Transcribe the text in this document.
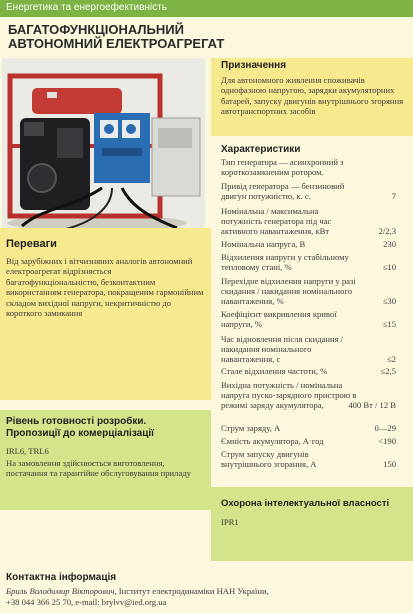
Енергетика та енергоефективність
БАГАТОФУНКЦІОНАЛЬНИЙ
АВТОНОМНИЙ ЕЛЕКТРОАГРЕГАТ
Призначення
Для автономного живлення споживачів однофазною напругою, зарядки акумуляторних батарей, запуску двигунів внутрішнього згоряння автотранспортних засобів
Характеристики
Тип генератора — асинхронний з короткозамкненим ротором.
Привід генератора — бензиновий двигун потужністю, к. с.	7
Номінальна / максимальна потужність генератора під час активного навантаження, кВт	2/2,3
Номінальна напруга, В	230
Відхилення напруги у стабільному тепловому стані, %	≤10
Перехідне відхилення напруги у разі скидання / накидання номінального навантаження, %	≤30
Коефіцієнт викривлення кривої напруги, %	≤15
Час відновлення після скидання / накидання номінального навантаження, с	≤2
Стале відхилення частоти, %	≤2,5
Вихідна потужність / номінальна напруга пуско-зарядного пристрою в режимі заряду акумулятора,	400 Вт / 12 В
Струм заряду, А	0—29
Ємність акумулятора, А·год	<190
Струм запуску двигунів внутрішнього згорання, А	150
Переваги
Від зарубіжних і вітчизняних аналогів автономний електроагрегат відрізняється багатофункціональністю, безконтактним використанням генератора, покращеним гармонійним складом вихідної напруги, некритичністю до короткого замикання
Рівень готовності розробки.
Пропозиції до комерціалізації
IRL6, TRL6
На замовлення здійснюється виготовлення, постачання та гарантійне обслуговування приладу
Охорона інтелектуальної власності
IPR1
Контактна інформація
Бриль Володимир Вікторович, Інститут електродинаміки НАН України,
+38 044 366 25 70, e-mail: brylvv@ied.org.ua
